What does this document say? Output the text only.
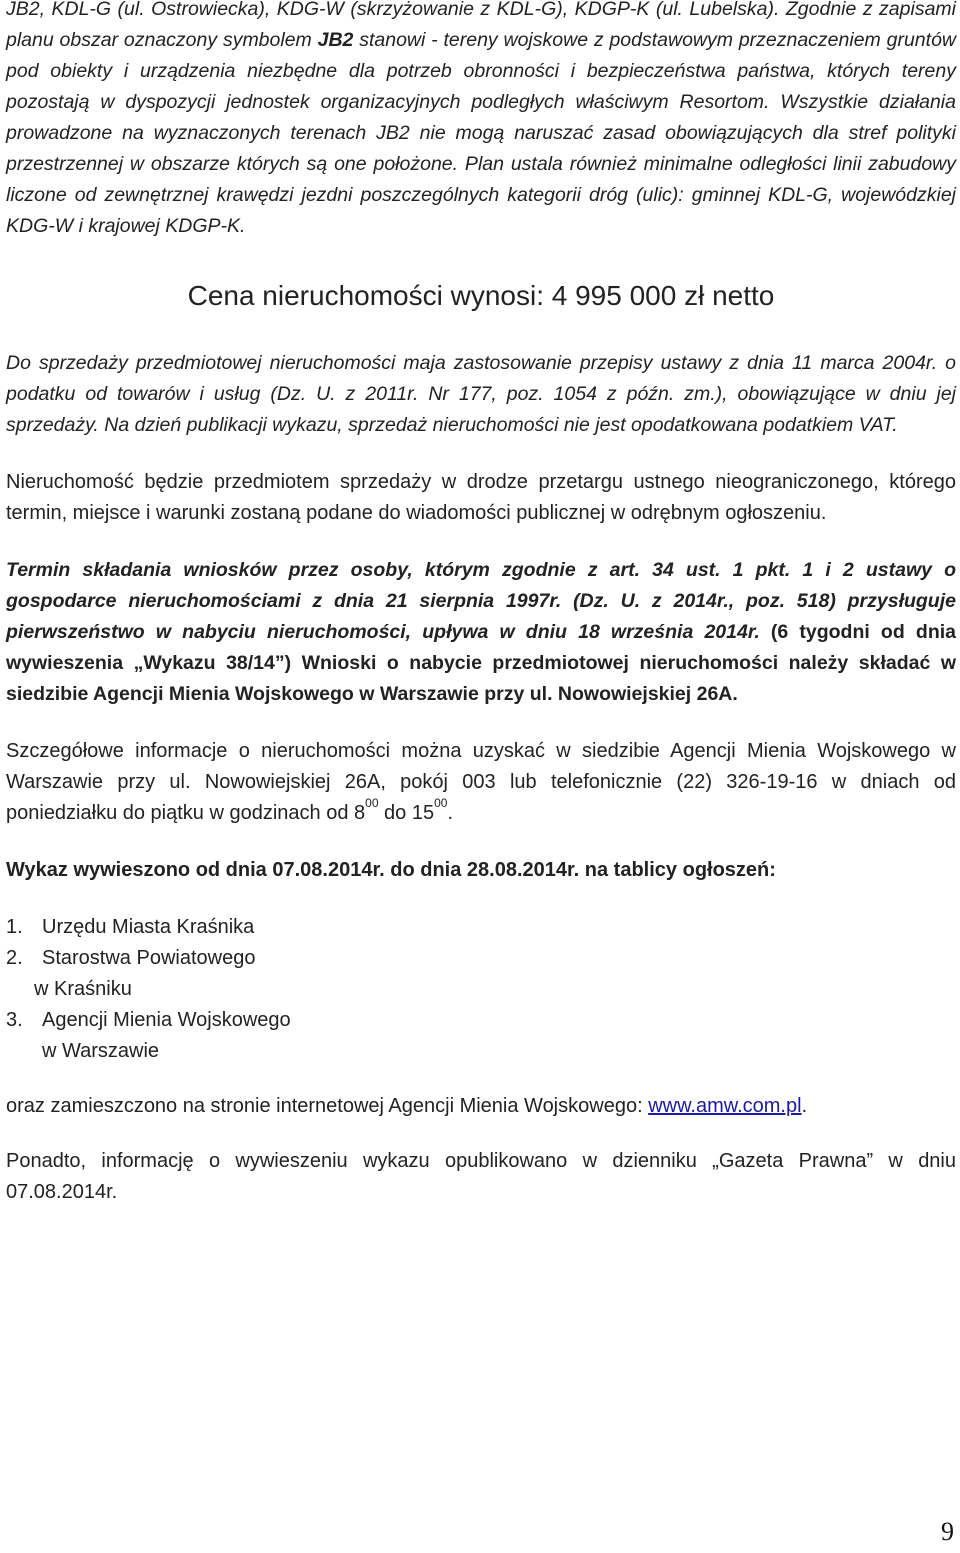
JB2, KDL-G (ul. Ostrowiecka), KDG-W (skrzyżowanie z KDL-G), KDGP-K (ul. Lubelska). Zgodnie z zapisami planu obszar oznaczony symbolem JB2 stanowi - tereny wojskowe z podstawowym przeznaczeniem gruntów pod obiekty i urządzenia niezbędne dla potrzeb obronności i bezpieczeństwa państwa, których tereny pozostają w dyspozycji jednostek organizacyjnych podległych właściwym Resortom. Wszystkie działania prowadzone na wyznaczonych terenach JB2 nie mogą naruszać zasad obowiązujących dla stref polityki przestrzennej w obszarze których są one położone. Plan ustala również minimalne odległości linii zabudowy liczone od zewnętrznej krawędzi jezdni poszczególnych kategorii dróg (ulic): gminnej KDL-G, wojewódzkiej KDG-W i krajowej KDGP-K.

Cena nieruchomości wynosi: 4 995 000 zł netto

Do sprzedaży przedmiotowej nieruchomości maja zastosowanie przepisy ustawy z dnia 11 marca 2004r. o podatku od towarów i usług (Dz. U. z 2011r. Nr 177, poz. 1054 z późn. zm.), obowiązujące w dniu jej sprzedaży. Na dzień publikacji wykazu, sprzedaż nieruchomości nie jest opodatkowana podatkiem VAT.

Nieruchomość będzie przedmiotem sprzedaży w drodze przetargu ustnego nieograniczonego, którego termin, miejsce i warunki zostaną podane do wiadomości publicznej w odrębnym ogłoszeniu.

Termin składania wniosków przez osoby, którym zgodnie z art. 34 ust. 1 pkt. 1 i 2 ustawy o gospodarce nieruchomościami z dnia 21 sierpnia 1997r. (Dz. U. z 2014r., poz. 518) przysługuje pierwszeństwo w nabyciu nieruchomości, upływa w dniu 18 września 2014r. (6 tygodni od dnia wywieszenia „Wykazu 38/14”) Wnioski o nabycie przedmiotowej nieruchomości należy składać w siedzibie Agencji Mienia Wojskowego w Warszawie przy ul. Nowowiejskiej 26A.

Szczegółowe informacje o nieruchomości można uzyskać w siedzibie Agencji Mienia Wojskowego w Warszawie przy ul. Nowowiejskiej 26A, pokój 003 lub telefonicznie (22) 326-19-16 w dniach od poniedziałku do piątku w godzinach od $8^{00}$ do $15^{00}$.

Wykaz wywieszono od dnia 07.08.2014r. do dnia 28.08.2014r. na tablicy ogłoszeń:

1. Urzędu Miasta Kraśnika
2. Starostwa Powiatowego
w Kraśniku
3. Agencji Mienia Wojskowego
w Warszawie

oraz zamieszczono na stronie internetowej Agencji Mienia Wojskowego: www.amw.com.pl.

Ponadto, informację o wywieszeniu wykazu opublikowano w dzienniku „Gazeta Prawna” w dniu 07.08.2014r.

9
